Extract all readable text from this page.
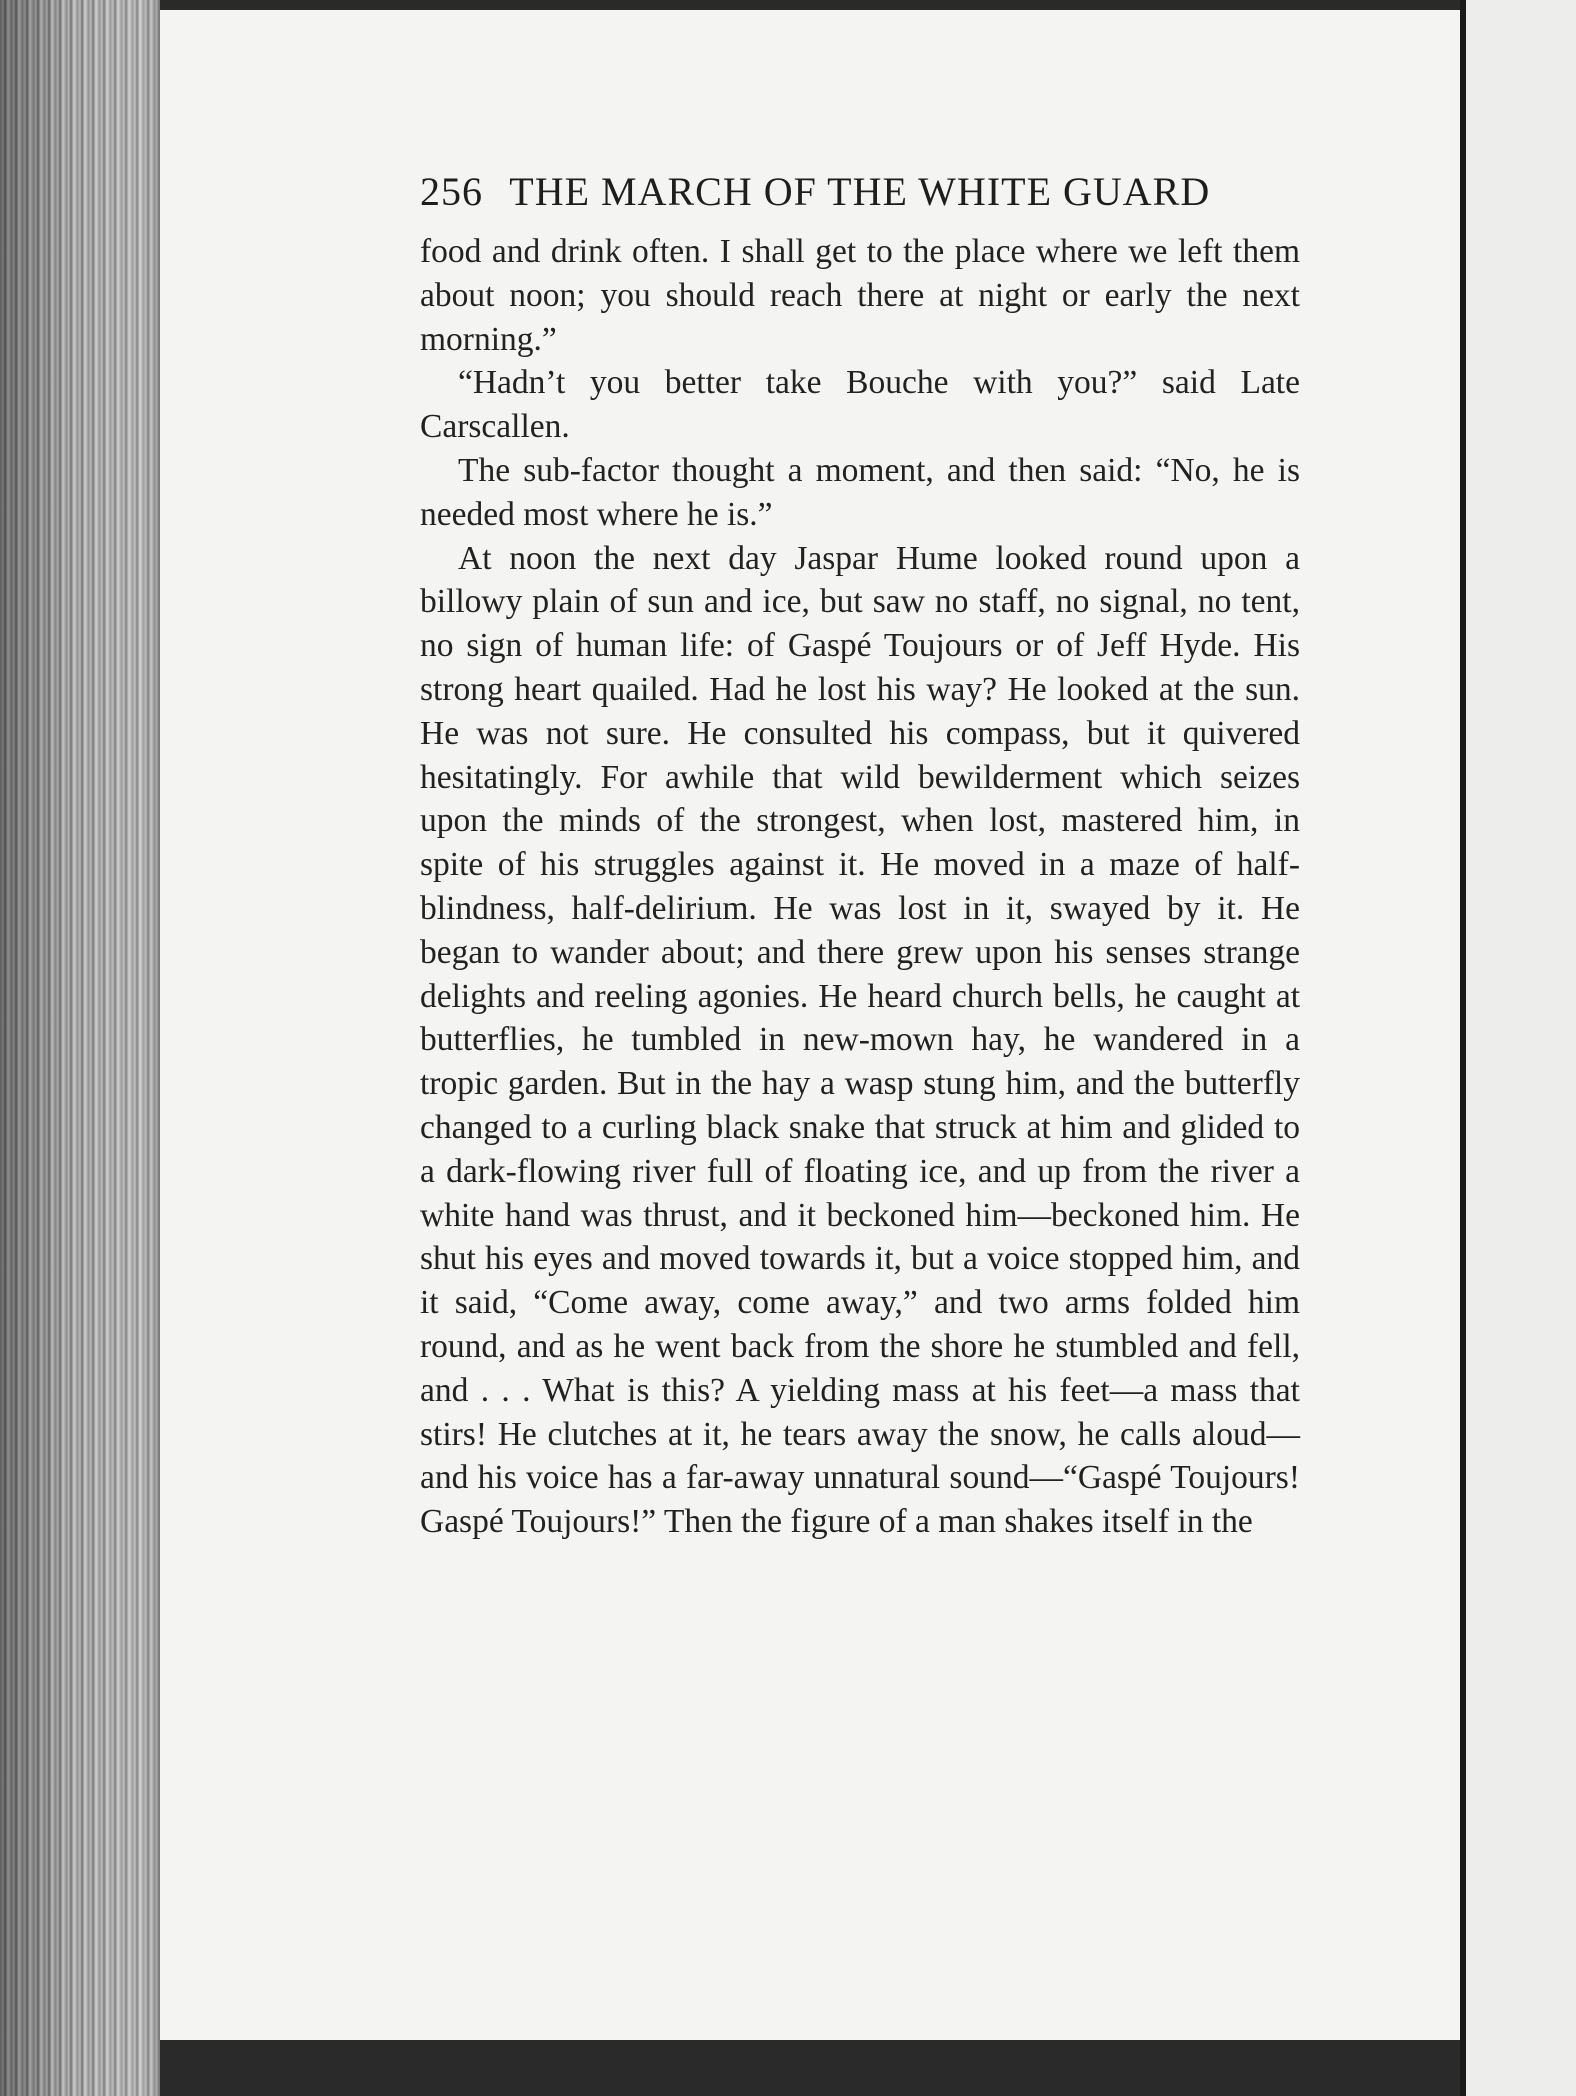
256 THE MARCH OF THE WHITE GUARD

food and drink often. I shall get to the place where we left them about noon; you should reach there at night or early the next morning.”

“Hadn’t you better take Bouche with you?” said Late Carscallen.

The sub-factor thought a moment, and then said: “No, he is needed most where he is.”

At noon the next day Jaspar Hume looked round upon a billowy plain of sun and ice, but saw no staff, no signal, no tent, no sign of human life: of Gaspé Toujours or of Jeff Hyde. His strong heart quailed. Had he lost his way? He looked at the sun. He was not sure. He consulted his compass, but it quivered hesitatingly. For awhile that wild bewilderment which seizes upon the minds of the strongest, when lost, mastered him, in spite of his struggles against it. He moved in a maze of half-blindness, half-delirium. He was lost in it, swayed by it. He began to wander about; and there grew upon his senses strange delights and reeling agonies. He heard church bells, he caught at butterflies, he tumbled in new-mown hay, he wandered in a tropic garden. But in the hay a wasp stung him, and the butterfly changed to a curling black snake that struck at him and glided to a dark-flowing river full of floating ice, and up from the river a white hand was thrust, and it beckoned him—beckoned him. He shut his eyes and moved towards it, but a voice stopped him, and it said, “Come away, come away,” and two arms folded him round, and as he went back from the shore he stumbled and fell, and . . . What is this? A yielding mass at his feet—a mass that stirs! He clutches at it, he tears away the snow, he calls aloud—and his voice has a far-away unnatural sound—“Gaspé Toujours! Gaspé Toujours!” Then the figure of a man shakes itself in the
